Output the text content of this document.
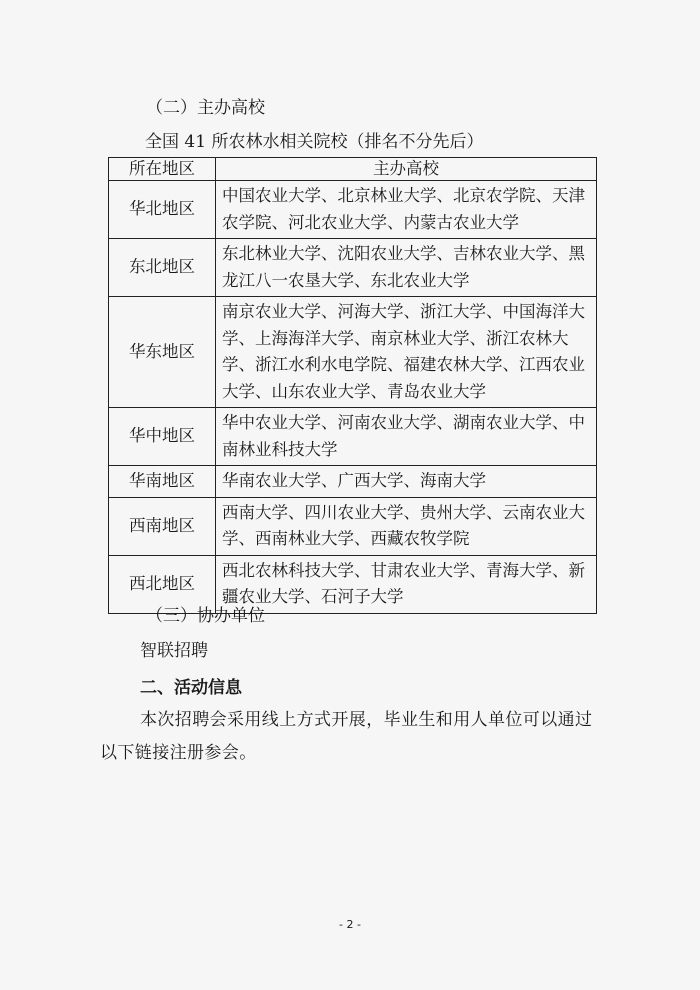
（二）主办高校
全国 41 所农林水相关院校（排名不分先后）
所在地区	主办高校
华北地区	中国农业大学、北京林业大学、北京农学院、天津农学院、河北农业大学、内蒙古农业大学
东北地区	东北林业大学、沈阳农业大学、吉林农业大学、黑龙江八一农垦大学、东北农业大学
华东地区	南京农业大学、河海大学、浙江大学、中国海洋大学、上海海洋大学、南京林业大学、浙江农林大学、浙江水利水电学院、福建农林大学、江西农业大学、山东农业大学、青岛农业大学
华中地区	华中农业大学、河南农业大学、湖南农业大学、中南林业科技大学
华南地区	华南农业大学、广西大学、海南大学
西南地区	西南大学、四川农业大学、贵州大学、云南农业大学、西南林业大学、西藏农牧学院
西北地区	西北农林科技大学、甘肃农业大学、青海大学、新疆农业大学、石河子大学
（三）协办单位
智联招聘
二、活动信息
本次招聘会采用线上方式开展，毕业生和用人单位可以通过以下链接注册参会。
- 2 -
